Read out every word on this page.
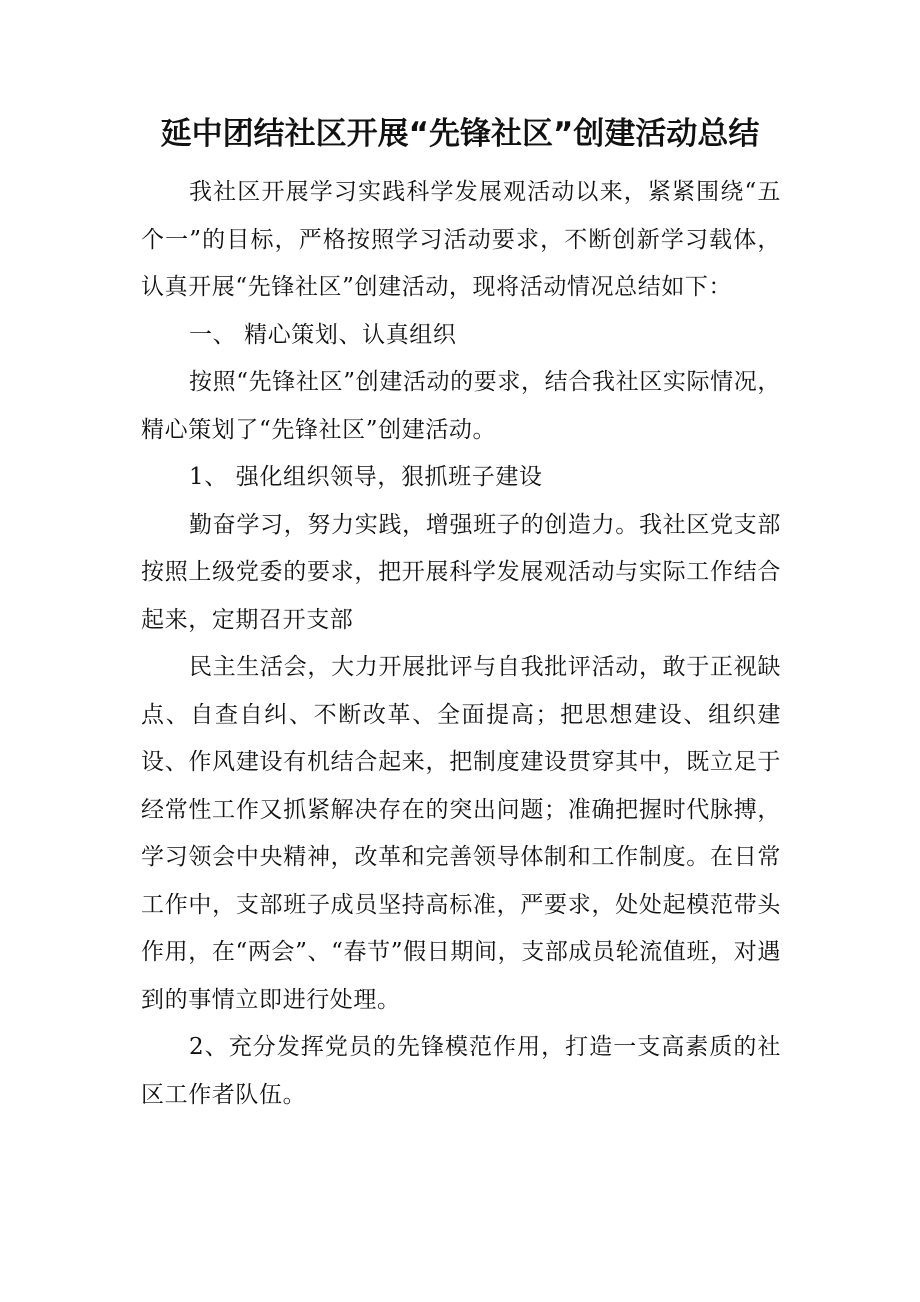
延中团结社区开展“先锋社区”创建活动总结

我社区开展学习实践科学发展观活动以来，紧紧围绕“五个一”的目标，严格按照学习活动要求，不断创新学习载体，认真开展“先锋社区”创建活动，现将活动情况总结如下：

一、 精心策划、认真组织

按照“先锋社区”创建活动的要求，结合我社区实际情况，精心策划了“先锋社区”创建活动。

1、 强化组织领导，狠抓班子建设

勤奋学习，努力实践，增强班子的创造力。我社区党支部按照上级党委的要求，把开展科学发展观活动与实际工作结合起来，定期召开支部

民主生活会，大力开展批评与自我批评活动，敢于正视缺点、自查自纠、不断改革、全面提高；把思想建设、组织建设、作风建设有机结合起来，把制度建设贯穿其中，既立足于经常性工作又抓紧解决存在的突出问题；准确把握时代脉搏，学习领会中央精神，改革和完善领导体制和工作制度。在日常工作中，支部班子成员坚持高标准，严要求，处处起模范带头作用，在“两会”、“春节”假日期间，支部成员轮流值班，对遇到的事情立即进行处理。

2、充分发挥党员的先锋模范作用，打造一支高素质的社区工作者队伍。
